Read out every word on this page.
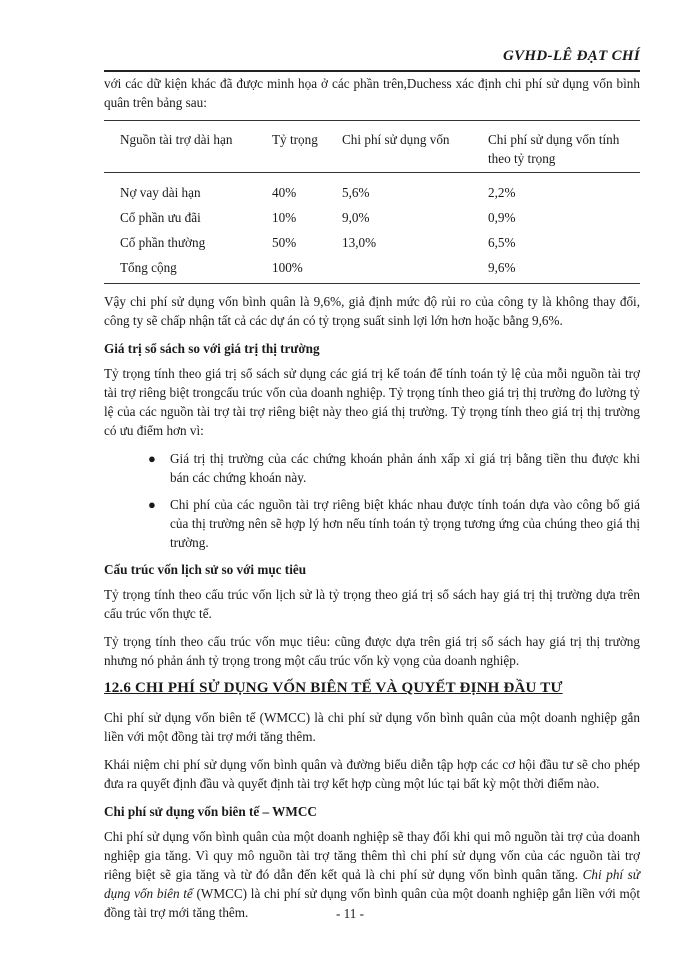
GVHD-LÊ ĐẠT CHÍ

với các dữ kiện khác đã được minh họa ở các phần trên,Duchess xác định chi phí sử dụng vốn bình quân trên bảng sau:

Nguồn tài trợ dài hạn	Tỷ trọng	Chi phí sử dụng vốn	Chi phí sử dụng vốn tính theo tỷ trọng
Nợ vay dài hạn	40%	5,6%	2,2%
Cổ phần ưu đãi	10%	9,0%	0,9%
Cổ phần thường	50%	13,0%	6,5%
Tổng cộng	100%		9,6%

Vậy chi phí sử dụng vốn bình quân là 9,6%, giả định mức độ rủi ro của công ty là không thay đổi, công ty sẽ chấp nhận tất cả các dự án có tỷ trọng suất sinh lợi lớn hơn hoặc bằng 9,6%.

Giá trị sổ sách so với giá trị thị trường

Tỷ trọng tính theo giá trị sổ sách sử dụng các giá trị kế toán để tính toán tỷ lệ của mỗi nguồn tài trợ tài trợ riêng biệt trongcấu trúc vốn của doanh nghiệp. Tỷ trọng tính theo giá trị thị trường đo lường tỷ lệ của các nguồn tài trợ tài trợ riêng biệt này theo giá thị trường. Tỷ trọng tính theo giá trị thị trường có ưu điểm hơn vì:

● Giá trị thị trường của các chứng khoán phản ánh xấp xỉ giá trị bằng tiền thu được khi bán các chứng khoán này.
● Chi phí của các nguồn tài trợ riêng biệt khác nhau được tính toán dựa vào công bố giá của thị trường nên sẽ hợp lý hơn nếu tính toán tỷ trọng tương ứng của chúng theo giá thị trường.
Cấu trúc vốn lịch sử so với mục tiêu

Tỷ trọng tính theo cấu trúc vốn lịch sử là tỷ trọng theo giá trị sổ sách hay giá trị thị trường dựa trên cấu trúc vốn thực tế.

Tỷ trọng tính theo cấu trúc vốn mục tiêu: cũng được dựa trên giá trị sổ sách hay giá trị thị trường nhưng nó phản ánh tỷ trọng trong một cấu trúc vốn kỳ vọng của doanh nghiệp.

12.6 CHI PHÍ SỬ DỤNG VỐN BIÊN TẾ VÀ QUYẾT ĐỊNH ĐẦU TƯ

Chi phí sử dụng vốn biên tế (WMCC) là chi phí sử dụng vốn bình quân của một doanh nghiệp gắn liền với một đồng tài trợ mới tăng thêm.

Khái niệm chi phí sử dụng vốn bình quân và đường biểu diễn tập hợp các cơ hội đầu tư sẽ cho phép đưa ra quyết định đầu và quyết định tài trợ kết hợp cùng một lúc tại bất kỳ một thời điểm nào.

Chi phí sử dụng vốn biên tế – WMCC

Chi phí sử dụng vốn bình quân của một doanh nghiệp sẽ thay đổi khi qui mô nguồn tài trợ của doanh nghiệp gia tăng. Vì quy mô nguồn tài trợ tăng thêm thì chi phí sử dụng vốn của các nguồn tài trợ riêng biệt sẽ gia tăng và từ đó dẫn đến kết quả là chi phí sử dụng vốn bình quân tăng. Chi phí sử dụng vốn biên tế (WMCC) là chi phí sử dụng vốn bình quân của một doanh nghiệp gắn liền với một đồng tài trợ mới tăng thêm.	- 11 -
